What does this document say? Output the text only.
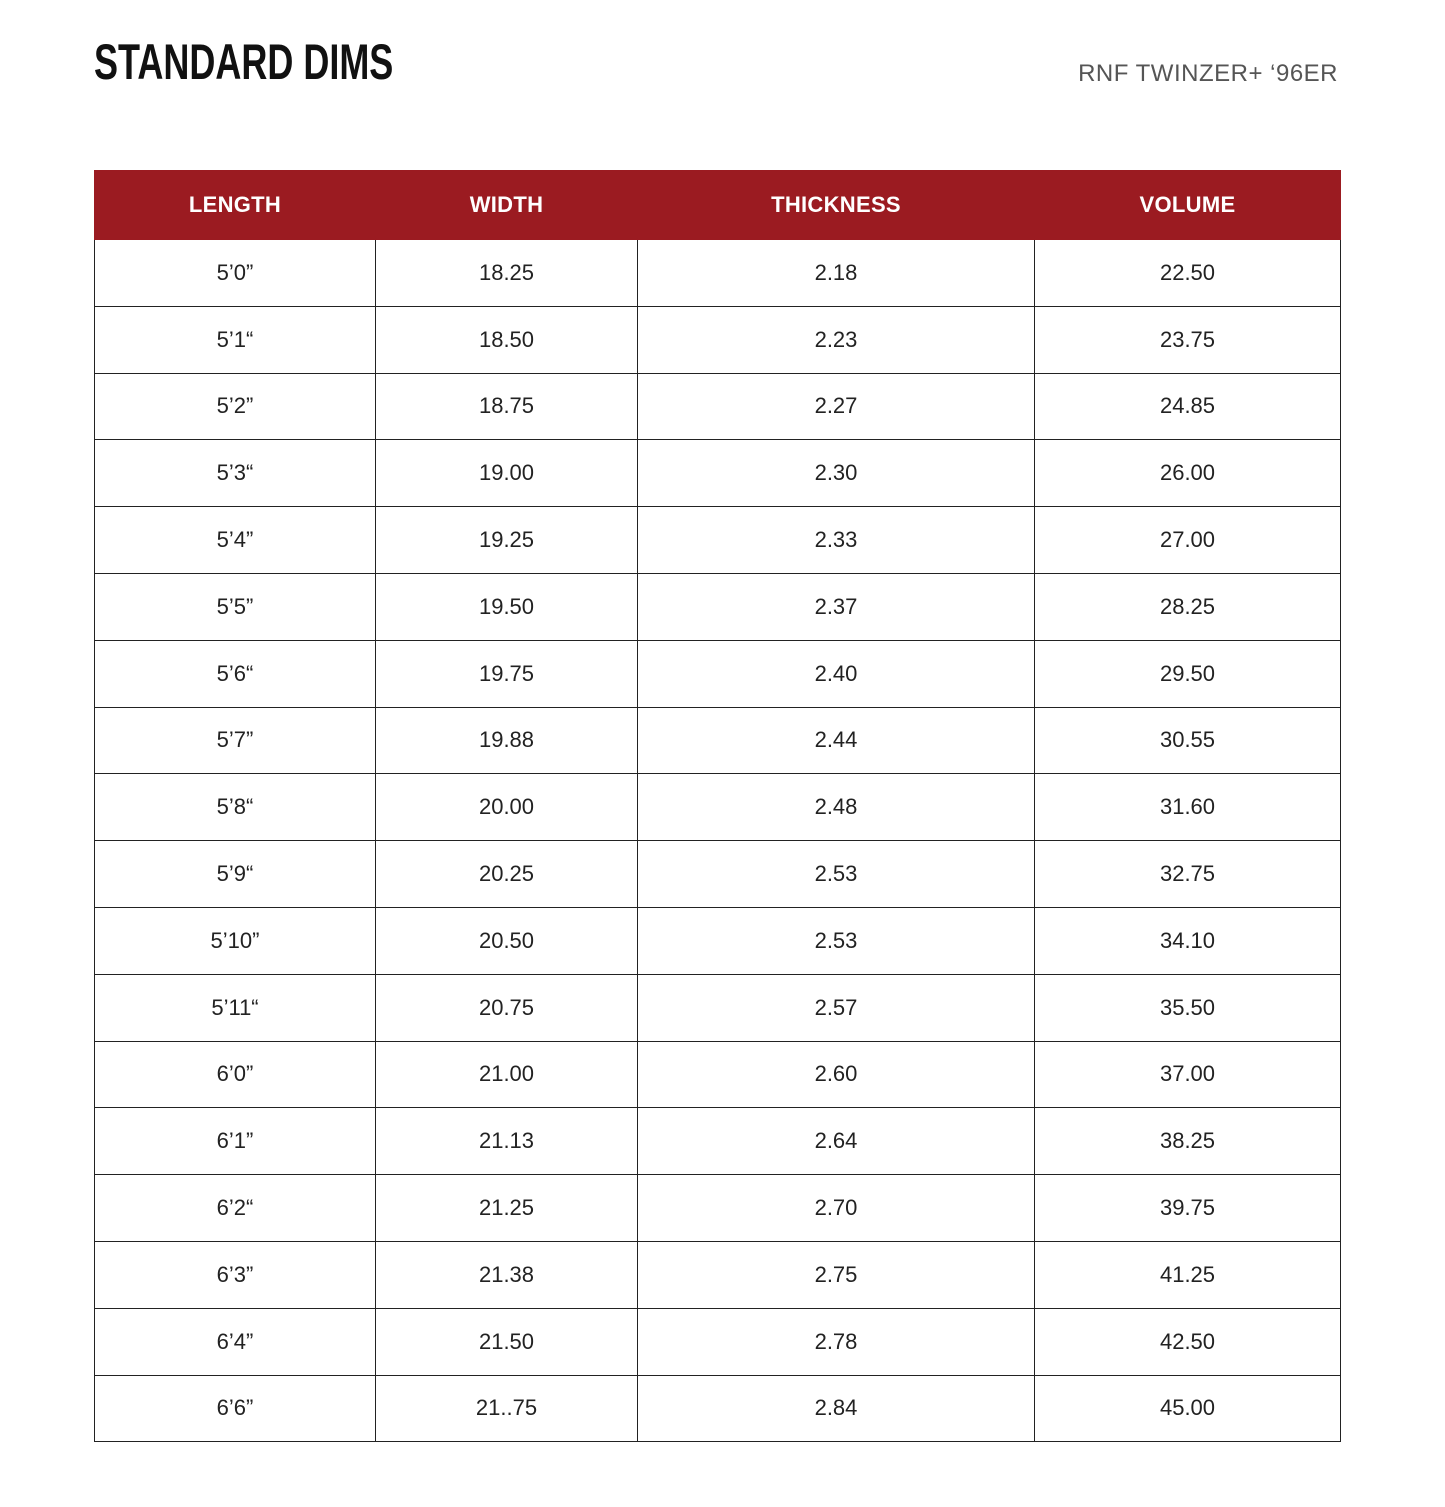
STANDARD DIMS	RNF TWINZER+ ‘96ER
LENGTH	WIDTH	THICKNESS	VOLUME
5’0”	18.25	2.18	22.50
5’1“	18.50	2.23	23.75
5’2”	18.75	2.27	24.85
5’3“	19.00	2.30	26.00
5’4”	19.25	2.33	27.00
5’5”	19.50	2.37	28.25
5’6“	19.75	2.40	29.50
5’7”	19.88	2.44	30.55
5’8“	20.00	2.48	31.60
5’9“	20.25	2.53	32.75
5’10”	20.50	2.53	34.10
5’11“	20.75	2.57	35.50
6’0”	21.00	2.60	37.00
6’1”	21.13	2.64	38.25
6’2“	21.25	2.70	39.75
6’3”	21.38	2.75	41.25
6’4”	21.50	2.78	42.50
6’6”	21..75	2.84	45.00
